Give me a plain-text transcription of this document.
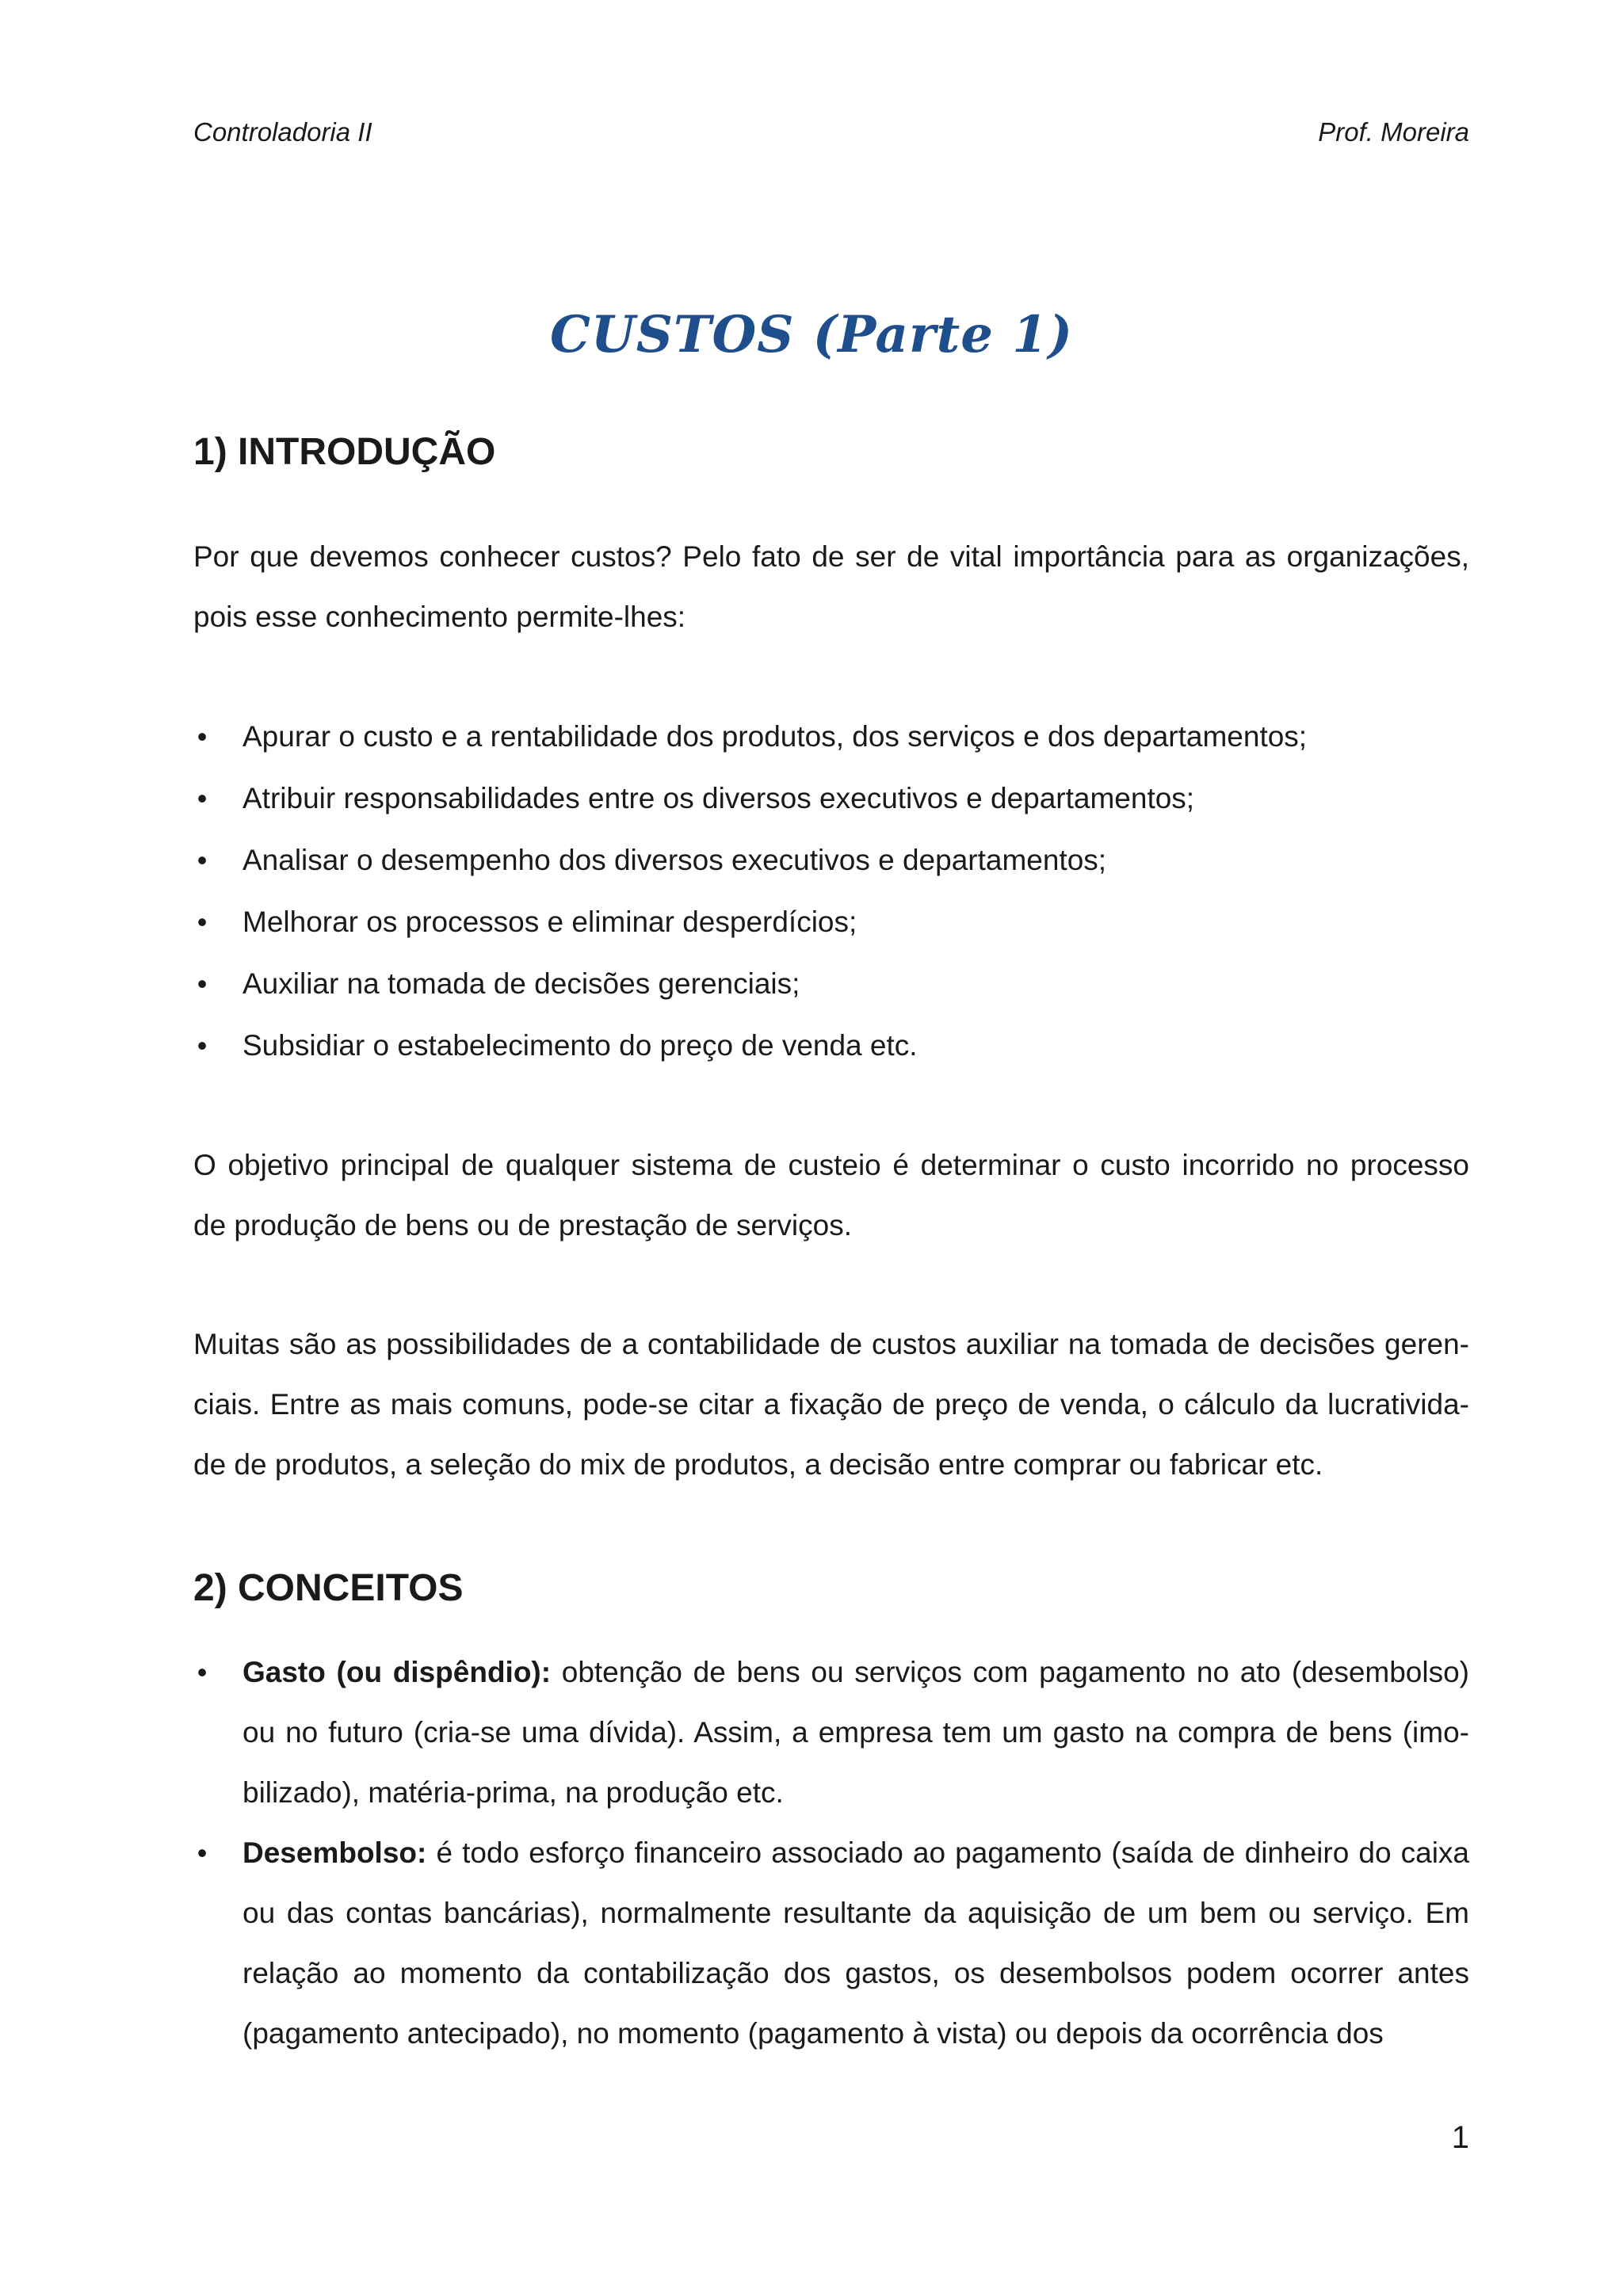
Controladoria II	Prof. Moreira
CUSTOS (Parte 1)
1) INTRODUÇÃO

Por que devemos conhecer custos? Pelo fato de ser de vital importância para as organizações,

pois esse conhecimento permite-lhes:

• Apurar o custo e a rentabilidade dos produtos, dos serviços e dos departamentos;
• Atribuir responsabilidades entre os diversos executivos e departamentos;
• Analisar o desempenho dos diversos executivos e departamentos;
• Melhorar os processos e eliminar desperdícios;
• Auxiliar na tomada de decisões gerenciais;
• Subsidiar o estabelecimento do preço de venda etc.

O objetivo principal de qualquer sistema de custeio é determinar o custo incorrido no processo

de produção de bens ou de prestação de serviços.

Muitas são as possibilidades de a contabilidade de custos auxiliar na tomada de decisões geren-

ciais. Entre as mais comuns, pode-se citar a fixação de preço de venda, o cálculo da lucrativida-

de de produtos, a seleção do mix de produtos, a decisão entre comprar ou fabricar etc.

2) CONCEITOS
• Gasto (ou dispêndio): obtenção de bens ou serviços com pagamento no ato (desembolso) ou no futuro (cria-se uma dívida). Assim, a empresa tem um gasto na compra de bens (imo-bilizado), matéria-prima, na produção etc.
• Desembolso: é todo esforço financeiro associado ao pagamento (saída de dinheiro do caixa ou das contas bancárias), normalmente resultante da aquisição de um bem ou serviço. Em relação ao momento da contabilização dos gastos, os desembolsos podem ocorrer antes (pagamento antecipado), no momento (pagamento à vista) ou depois da ocorrência dos
1
